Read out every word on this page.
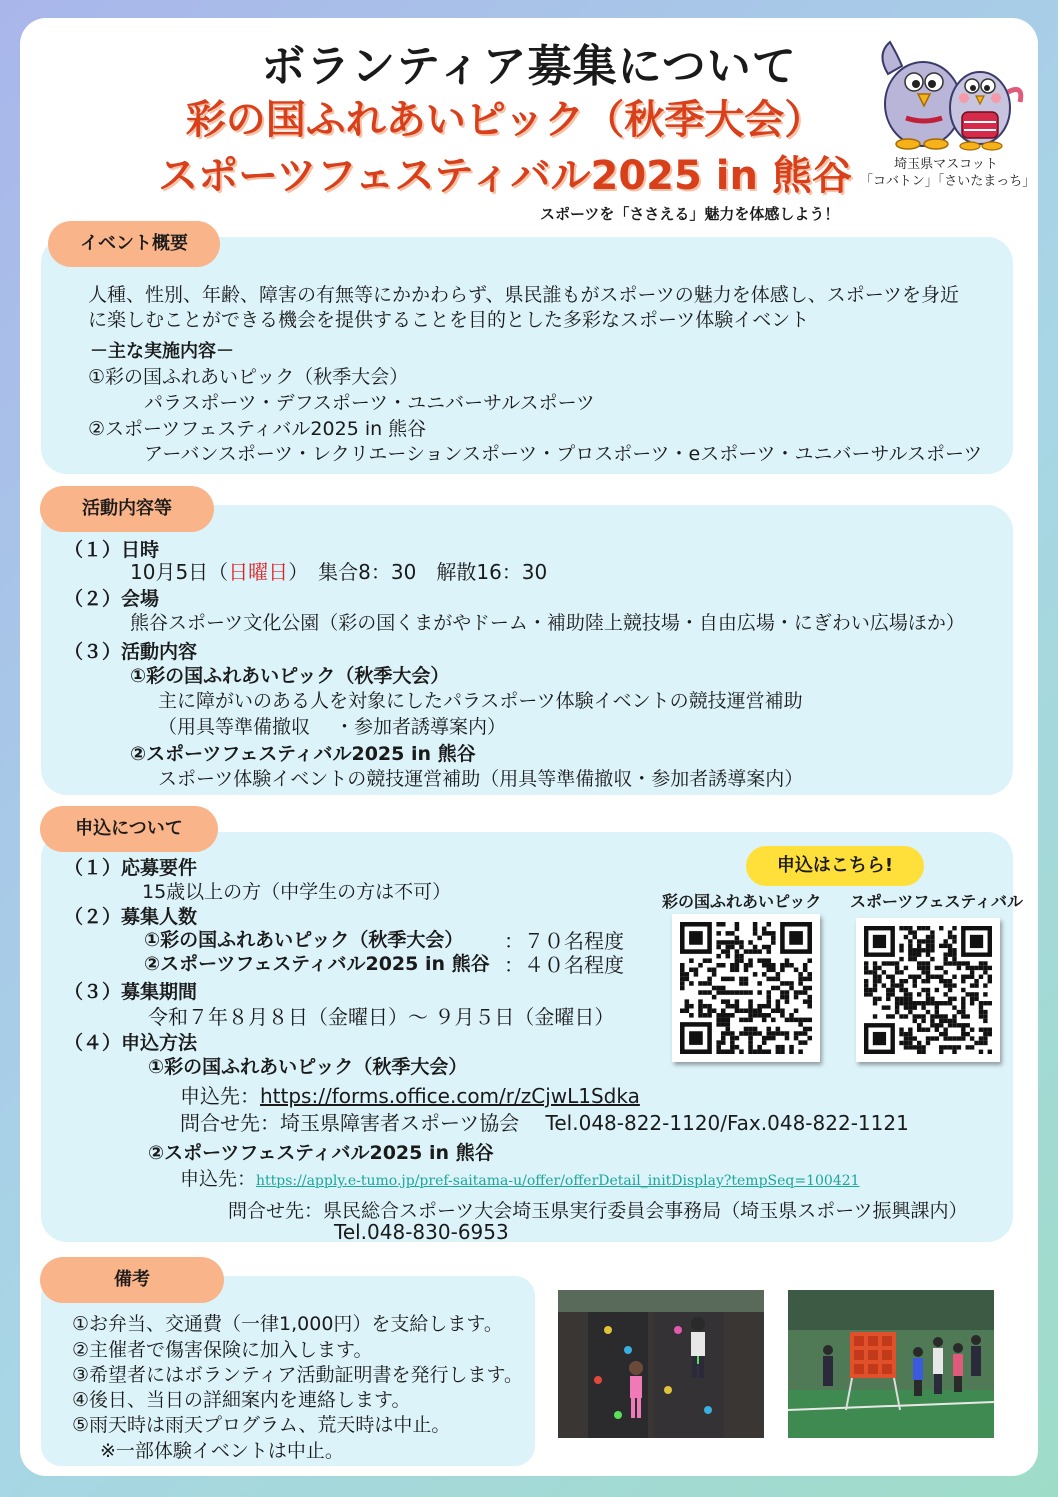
ボランティア募集について
彩の国ふれあいピック（秋季大会）
スポーツフェスティバル2025 in 熊谷
スポーツを「ささえる」魅力を体感しよう！
埼玉県マスコット
「コバトン」「さいたまっち」
イベント概要
人種、性別、年齢、障害の有無等にかかわらず、県民誰もがスポーツの魅力を体感し、スポーツを身近
に楽しむことができる機会を提供することを目的とした多彩なスポーツ体験イベント
－主な実施内容－
①彩の国ふれあいピック（秋季大会）
パラスポーツ・デフスポーツ・ユニバーサルスポーツ
②スポーツフェスティバル2025 in 熊谷
アーバンスポーツ・レクリエーションスポーツ・プロスポーツ・eスポーツ・ユニバーサルスポーツ
活動内容等
（１）日時
10月5日（日曜日）　集合8：30　解散16：30
（２）会場
熊谷スポーツ文化公園（彩の国くまがやドーム・補助陸上競技場・自由広場・にぎわい広場ほか）
（３）活動内容
①彩の国ふれあいピック（秋季大会）
主に障がいのある人を対象にしたパラスポーツ体験イベントの競技運営補助
（用具等準備撤収　 ・参加者誘導案内）
②スポーツフェスティバル2025 in 熊谷
スポーツ体験イベントの競技運営補助（用具等準備撤収・参加者誘導案内）
申込について
（１）応募要件
15歳以上の方（中学生の方は不可）
（２）募集人数
①彩の国ふれあいピック（秋季大会） ：７０名程度
②スポーツフェスティバル2025 in 熊谷 ：４０名程度
（３）募集期間
令和７年８月８日（金曜日）～ ９月５日（金曜日）
（４）申込方法
①彩の国ふれあいピック（秋季大会）
申込先：https://forms.office.com/r/zCjwL1Sdka
問合せ先：埼玉県障害者スポーツ協会　 Tel.048-822-1120/Fax.048-822-1121
②スポーツフェスティバル2025 in 熊谷
申込先：https://apply.e-tumo.jp/pref-saitama-u/offer/offerDetail_initDisplay?tempSeq=100421
問合せ先：県民総合スポーツ大会埼玉県実行委員会事務局（埼玉県スポーツ振興課内）
Tel.048-830-6953
申込はこちら!
彩の国ふれあいピック スポーツフェスティバル
備考
①お弁当、交通費（一律1,000円）を支給します。
②主催者で傷害保険に加入します。
③希望者にはボランティア活動証明書を発行します。
④後日、当日の詳細案内を連絡します。
⑤雨天時は雨天プログラム、荒天時は中止。
※一部体験イベントは中止。
